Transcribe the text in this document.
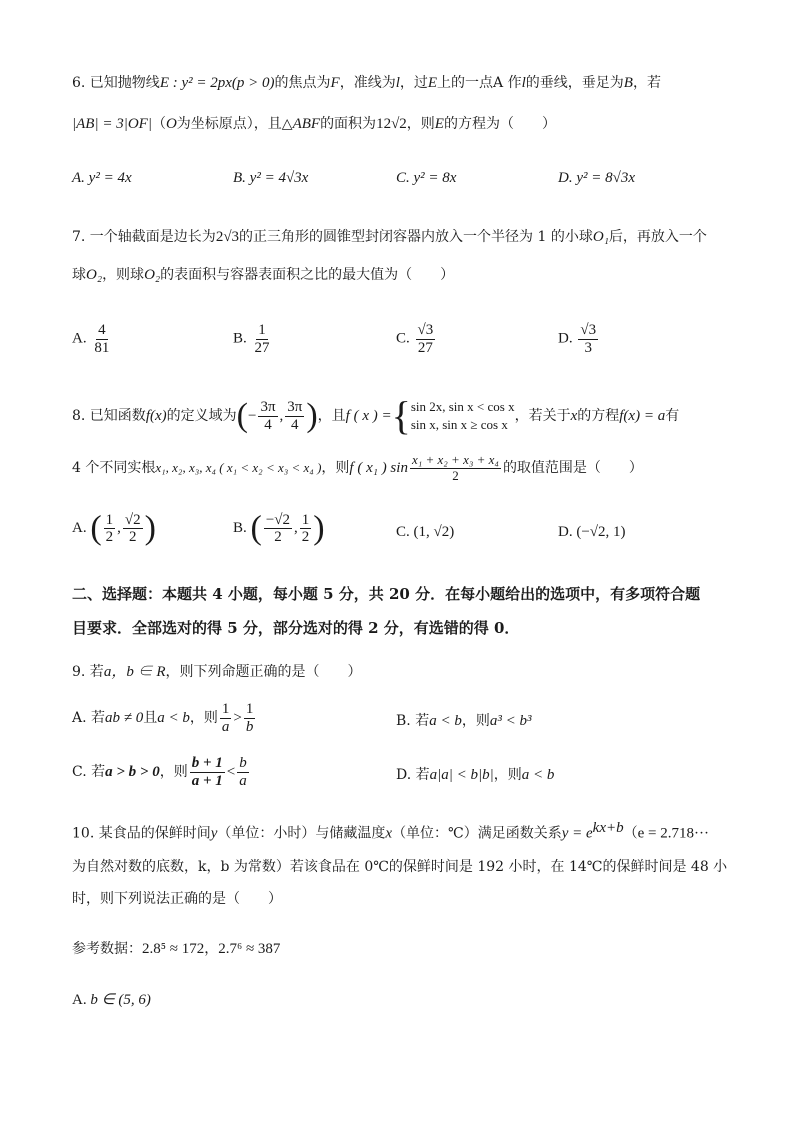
6. 已知抛物线E : y² = 2px(p > 0)的焦点为F，准线为l，过E上的一点A 作l的垂线，垂足为B，若
|AB| = 3|OF|（O为坐标原点），且△ABF的面积为12√2，则E的方程为（　　）
A. y² = 4x	B. y² = 4√3x	C. y² = 8x	D. y² = 8√3x
7. 一个轴截面是边长为2√3的正三角形的圆锥型封闭容器内放入一个半径为 1 的小球O₁后，再放入一个
球O₂，则球O₂的表面积与容器表面积之比的最大值为（　　）
A. $\frac{4}{81}$	B. $\frac{1}{27}$	C. $\frac{√3}{27}$	D. $\frac{√3}{3}$
8. 已知函数f(x)的定义域为(− $\frac{3\pi}{4}$ , $\frac{3\pi}{4}$ )，且f ( x ) ={ sin 2x, sin x < cos x
sin x, sin x ≥ cos x
，若关于x的方程f(x) = a有
4 个不同实根x₁, x₂, x₃, x₄ ( x₁ < x₂ < x₃ < x₄ )，则f ( x₁ ) $\sin \frac{\text{x₁ + x₂ + x₃ + x₄}}{2}$ 的取值范围是（　　）
A. ( $\frac{1}{2}$ , $\frac{√2}{2}$ )	B. ( $\frac{-√2}{2}$ , $\frac{1}{2}$ )	C. (1, √2)	D. (−√2, 1)
二、选择题：本题共 4 小题，每小题 5 分，共 20 分．在每小题给出的选项中，有多项符合题
目要求．全部选对的得 5 分，部分选对的得 2 分，有选错的得 0．
9. 若a，b ∈ R，则下列命题正确的是（　　）
A. 若ab ≠ 0且a < b，则 $\frac{1}{a} > \frac{1}{b}$	B. 若a < b，则a³ < b³
C. 若a > b > 0，则 $\frac{b + 1}{a + 1} < \frac{b}{a}$	D. 若a|a| < b|b|，则a < b
10. 某食品的保鲜时间y（单位：小时）与储藏温度x（单位：℃）满足函数关系$y = e^{kx+b}(e = 2.718\cdot\cdot\cdot$
为自然对数的底数，k，b 为常数）若该食品在 0℃的保鲜时间是 192 小时，在 14℃的保鲜时间是 48 小
时，则下列说法正确的是（　　）
参考数据：2.8⁵ ≈ 172，2.7⁶ ≈ 387
A. b ∈ (5, 6)
